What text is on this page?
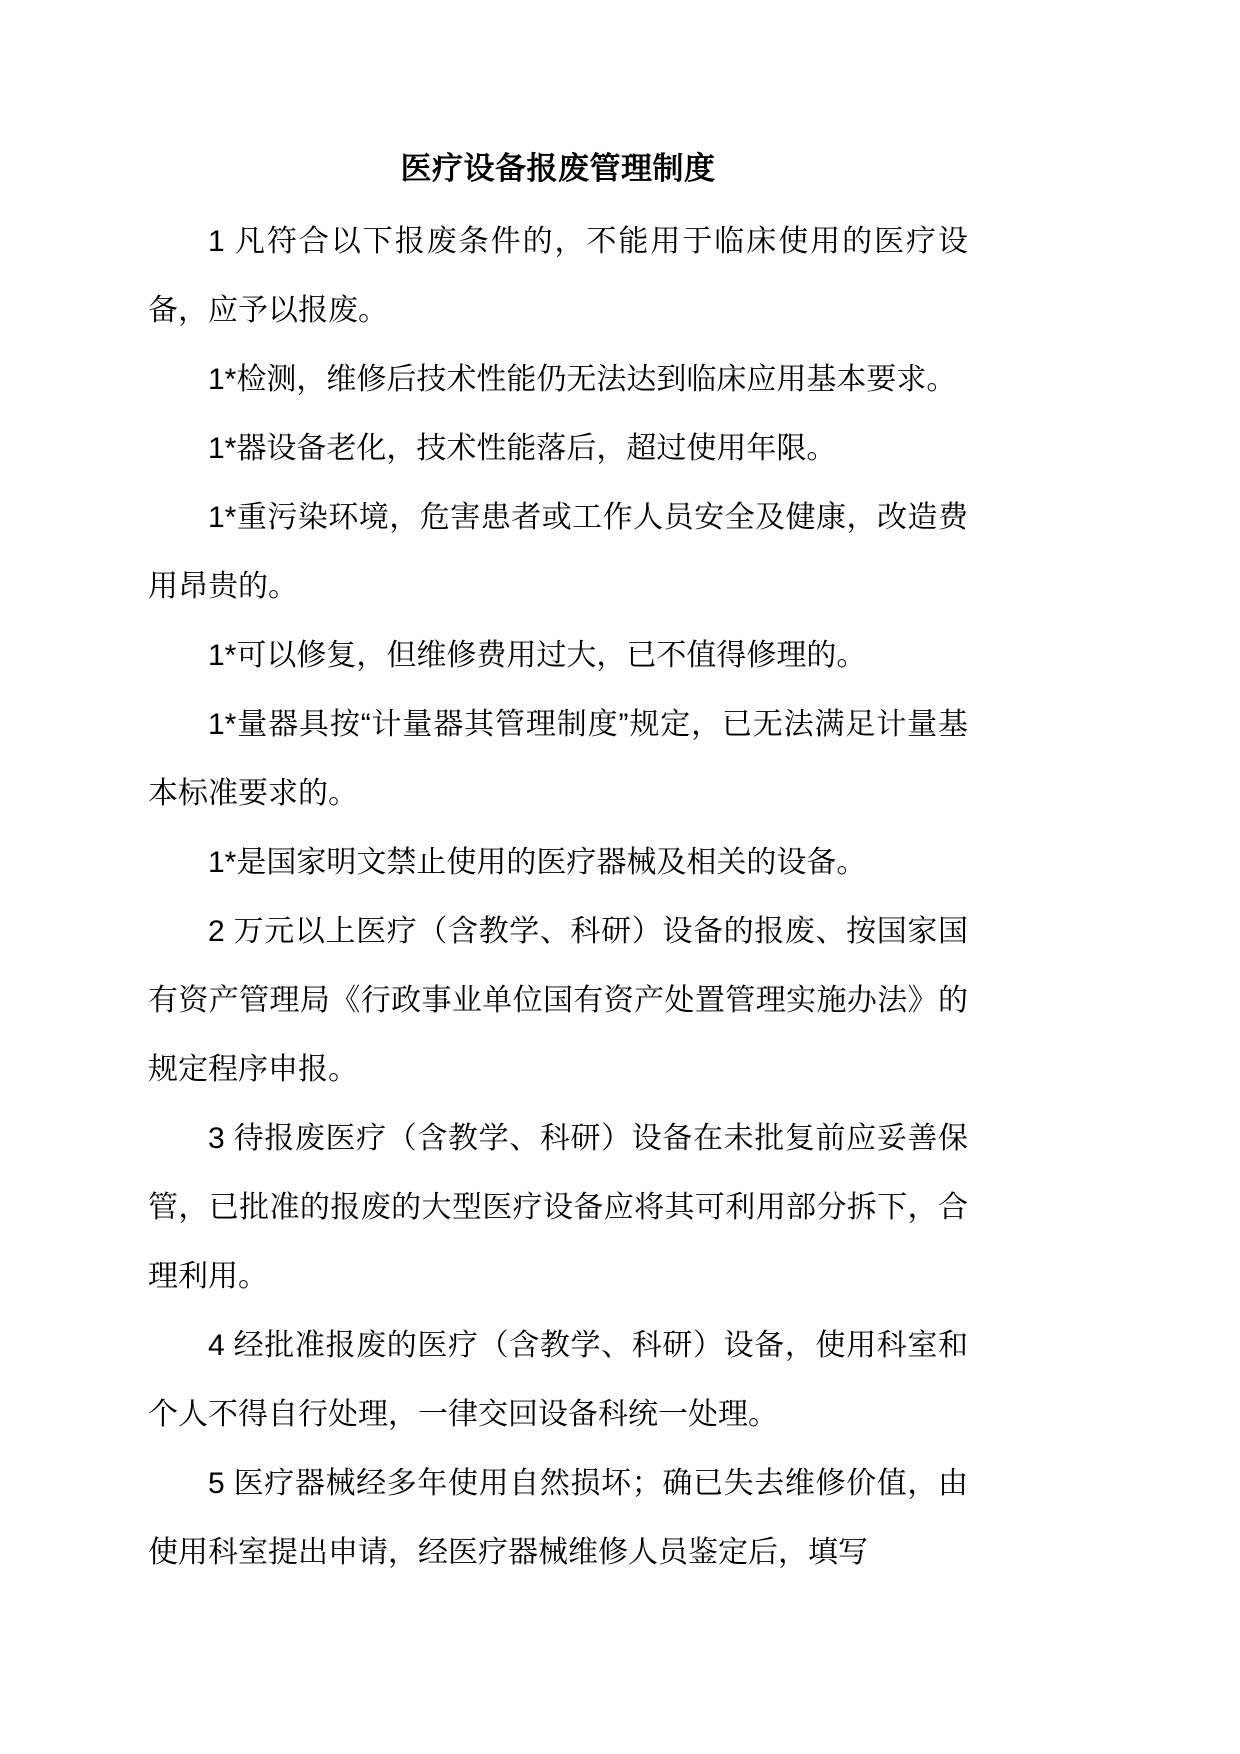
医疗设备报废管理制度

1 凡符合以下报废条件的，不能用于临床使用的医疗设备，应予以报废。

1*检测，维修后技术性能仍无法达到临床应用基本要求。

1*器设备老化，技术性能落后，超过使用年限。

1*重污染环境，危害患者或工作人员安全及健康，改造费用昂贵的。

1*可以修复，但维修费用过大，已不值得修理的。

1*量器具按“计量器其管理制度”规定，已无法满足计量基本标准要求的。

1*是国家明文禁止使用的医疗器械及相关的设备。

2 万元以上医疗（含教学、科研）设备的报废、按国家国有资产管理局《行政事业单位国有资产处置管理实施办法》的规定程序申报。

3 待报废医疗（含教学、科研）设备在未批复前应妥善保管，已批准的报废的大型医疗设备应将其可利用部分拆下，合理利用。

4 经批准报废的医疗（含教学、科研）设备，使用科室和个人不得自行处理，一律交回设备科统一处理。

5 医疗器械经多年使用自然损坏；确已失去维修价值，由使用科室提出申请，经医疗器械维修人员鉴定后，填写
